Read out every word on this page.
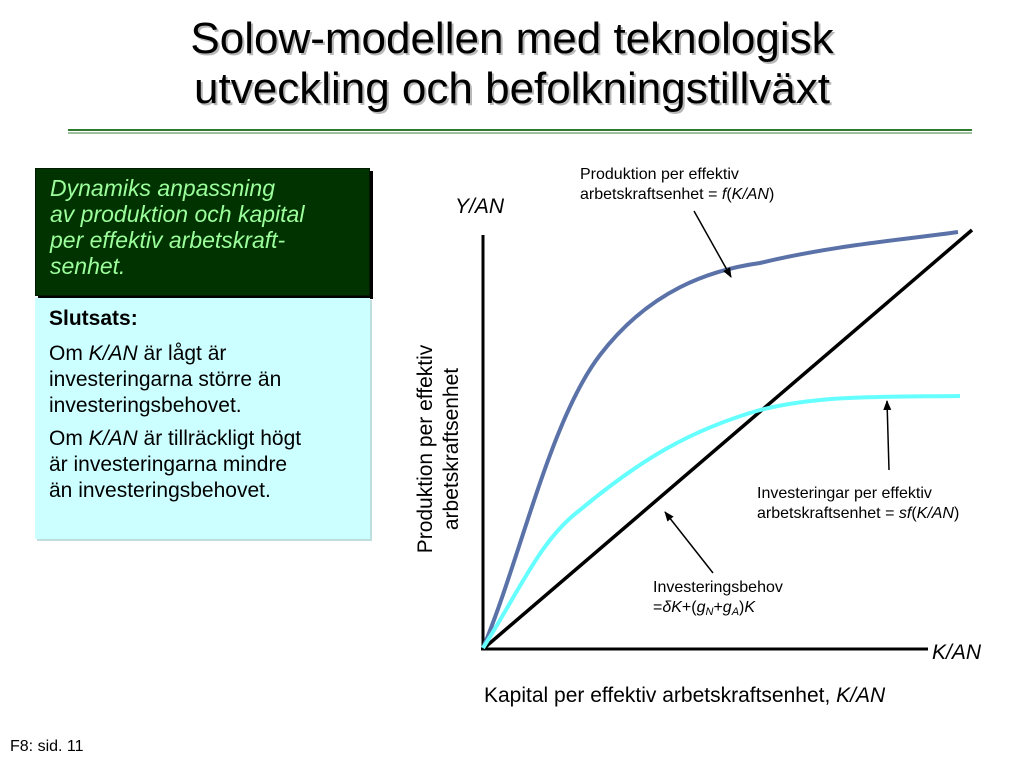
Solow-modellen med teknologisk
utveckling och befolkningstillväxt
Dynamiks anpassning
av produktion och kapital
per effektiv arbetskraft-
senhet.
Slutsats:
Om K/AN är lågt är
investeringarna större än
investeringsbehovet.
Om K/AN är tillräckligt högt
är investeringarna mindre
än investeringsbehovet.
Produktion per effektiv
arbetskraftsenhet = f(K/AN)
Investeringar per effektiv
arbetskraftsenhet = sf(K/AN)
Investeringsbehov
$=\delta K+(g_N+g_A)K$
Y/AN
K/AN
Produktion per effektiv arbetskraftsenhet
Kapital per effektiv arbetskraftsenhet, K/AN
F8: sid. 11
